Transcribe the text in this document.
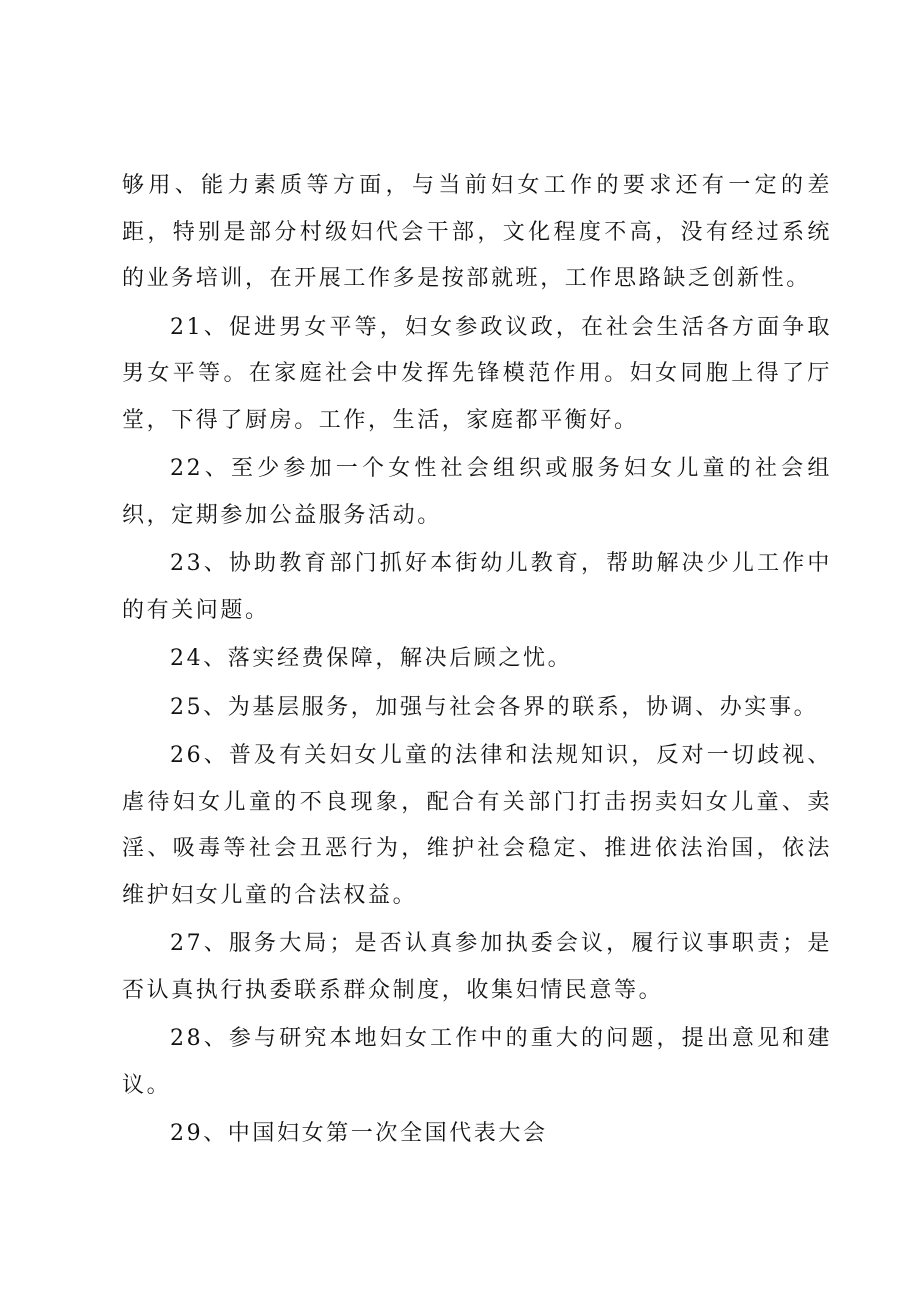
够用、能力素质等方面，与当前妇女工作的要求还有一定的差距，特别是部分村级妇代会干部，文化程度不高，没有经过系统的业务培训，在开展工作多是按部就班，工作思路缺乏创新性。

21、促进男女平等，妇女参政议政，在社会生活各方面争取男女平等。在家庭社会中发挥先锋模范作用。妇女同胞上得了厅堂，下得了厨房。工作，生活，家庭都平衡好。

22、至少参加一个女性社会组织或服务妇女儿童的社会组织，定期参加公益服务活动。

23、协助教育部门抓好本街幼儿教育，帮助解决少儿工作中的有关问题。

24、落实经费保障，解决后顾之忧。

25、为基层服务，加强与社会各界的联系，协调、办实事。

26、普及有关妇女儿童的法律和法规知识，反对一切歧视、虐待妇女儿童的不良现象，配合有关部门打击拐卖妇女儿童、卖淫、吸毒等社会丑恶行为，维护社会稳定、推进依法治国，依法维护妇女儿童的合法权益。

27、服务大局；是否认真参加执委会议，履行议事职责；是否认真执行执委联系群众制度，收集妇情民意等。

28、参与研究本地妇女工作中的重大的问题，提出意见和建议。

29、中国妇女第一次全国代表大会
